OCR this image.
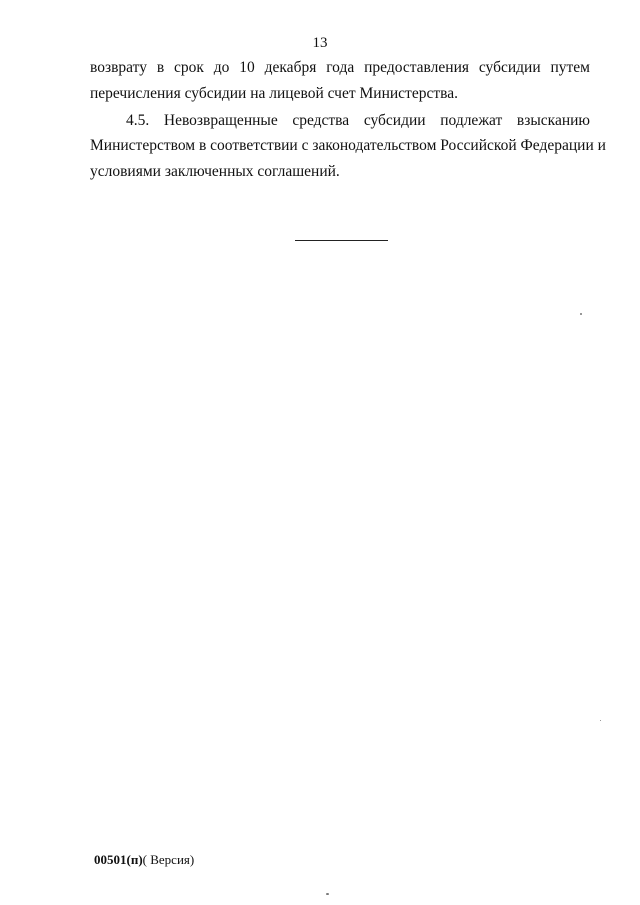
13
возврату в срок до 10 декабря года предоставления субсидии путем
перечисления субсидии на лицевой счет Министерства.
4.5. Невозвращенные средства субсидии подлежат взысканию
Министерством в соответствии с законодательством Российской Федерации и
условиями заключенных соглашений.
00501(п)( Версия)
